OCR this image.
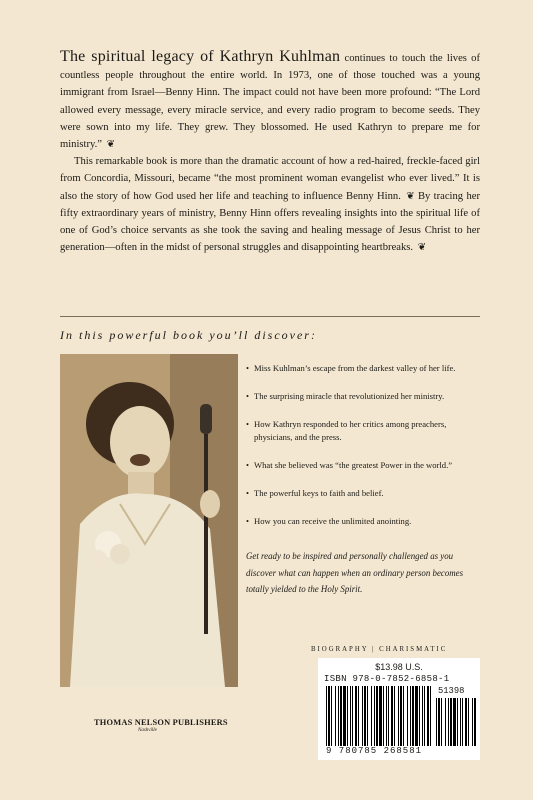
The spiritual legacy of Kathryn Kuhlman continues to touch the lives of countless people throughout the entire world. In 1973, one of those touched was a young immigrant from Israel—Benny Hinn. The impact could not have been more profound: “The Lord allowed every message, every miracle service, and every radio program to become seeds. They were sown into my life. They grew. They blossomed. He used Kathryn to prepare me for ministry.” ❦

This remarkable book is more than the dramatic account of how a red-haired, freckle-faced girl from Concordia, Missouri, became “the most prominent woman evangelist who ever lived.” It is also the story of how God used her life and teaching to influence Benny Hinn. ❦ By tracing her fifty extraordinary years of ministry, Benny Hinn offers revealing insights into the spiritual life of one of God’s choice servants as she took the saving and healing message of Jesus Christ to her generation—often in the midst of personal struggles and disappointing heartbreaks. ❦

In this powerful book you’ll discover:
• Miss Kuhlman’s escape from the darkest valley of her life.
• The surprising miracle that revolutionized her ministry.
• How Kathryn responded to her critics among preachers, physicians, and the press.
• What she believed was “the greatest Power in the world.”
• The powerful keys to faith and belief.
• How you can receive the unlimited anointing.
Get ready to be inspired and personally challenged as you discover what can happen when an ordinary person becomes totally yielded to the Holy Spirit.
BIOGRAPHY | CHARISMATIC
$13.98 U.S.
ISBN 978-0-7852-6858-1
51398
9 780785 268581
THOMAS NELSON PUBLISHERS
Nashville
